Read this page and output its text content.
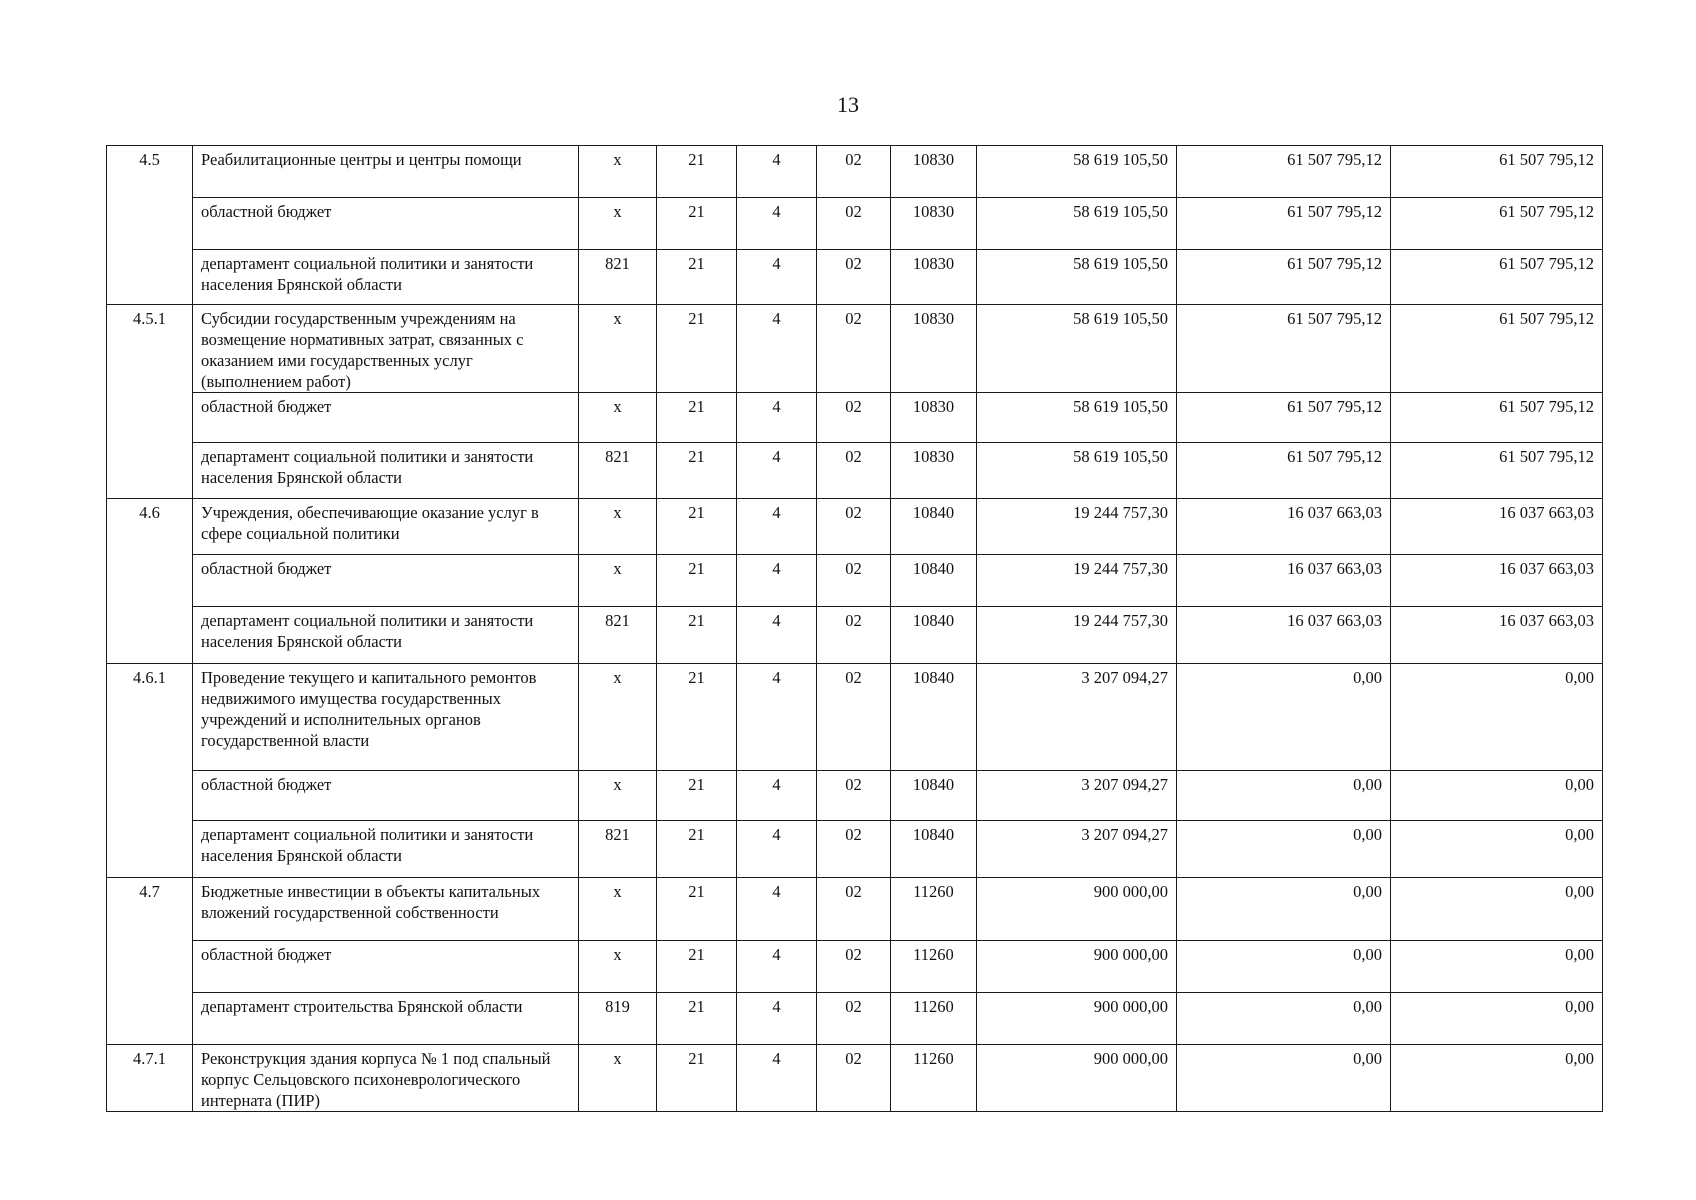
13
4.5	Реабилитационные центры и центры помощи	х	21	4	02	10830	58 619 105,50	61 507 795,12	61 507 795,12
	областной бюджет	х	21	4	02	10830	58 619 105,50	61 507 795,12	61 507 795,12
	департамент социальной политики и занятости населения Брянской области	821	21	4	02	10830	58 619 105,50	61 507 795,12	61 507 795,12
4.5.1	Субсидии государственным учреждениям на возмещение нормативных затрат, связанных с оказанием ими государственных услуг (выполнением работ)	х	21	4	02	10830	58 619 105,50	61 507 795,12	61 507 795,12
	областной бюджет	х	21	4	02	10830	58 619 105,50	61 507 795,12	61 507 795,12
	департамент социальной политики и занятости населения Брянской области	821	21	4	02	10830	58 619 105,50	61 507 795,12	61 507 795,12
4.6	Учреждения, обеспечивающие оказание услуг в сфере социальной политики	х	21	4	02	10840	19 244 757,30	16 037 663,03	16 037 663,03
	областной бюджет	х	21	4	02	10840	19 244 757,30	16 037 663,03	16 037 663,03
	департамент социальной политики и занятости населения Брянской области	821	21	4	02	10840	19 244 757,30	16 037 663,03	16 037 663,03
4.6.1	Проведение текущего и капитального ремонтов недвижимого имущества государственных учреждений и исполнительных органов государственной власти	х	21	4	02	10840	3 207 094,27	0,00	0,00
	областной бюджет	х	21	4	02	10840	3 207 094,27	0,00	0,00
	департамент социальной политики и занятости населения Брянской области	821	21	4	02	10840	3 207 094,27	0,00	0,00
4.7	Бюджетные инвестиции в объекты капитальных вложений государственной собственности	х	21	4	02	11260	900 000,00	0,00	0,00
	областной бюджет	х	21	4	02	11260	900 000,00	0,00	0,00
	департамент строительства Брянской области	819	21	4	02	11260	900 000,00	0,00	0,00
4.7.1	Реконструкция здания корпуса № 1 под спальный корпус Сельцовского психоневрологического интерната (ПИР)	х	21	4	02	11260	900 000,00	0,00	0,00
